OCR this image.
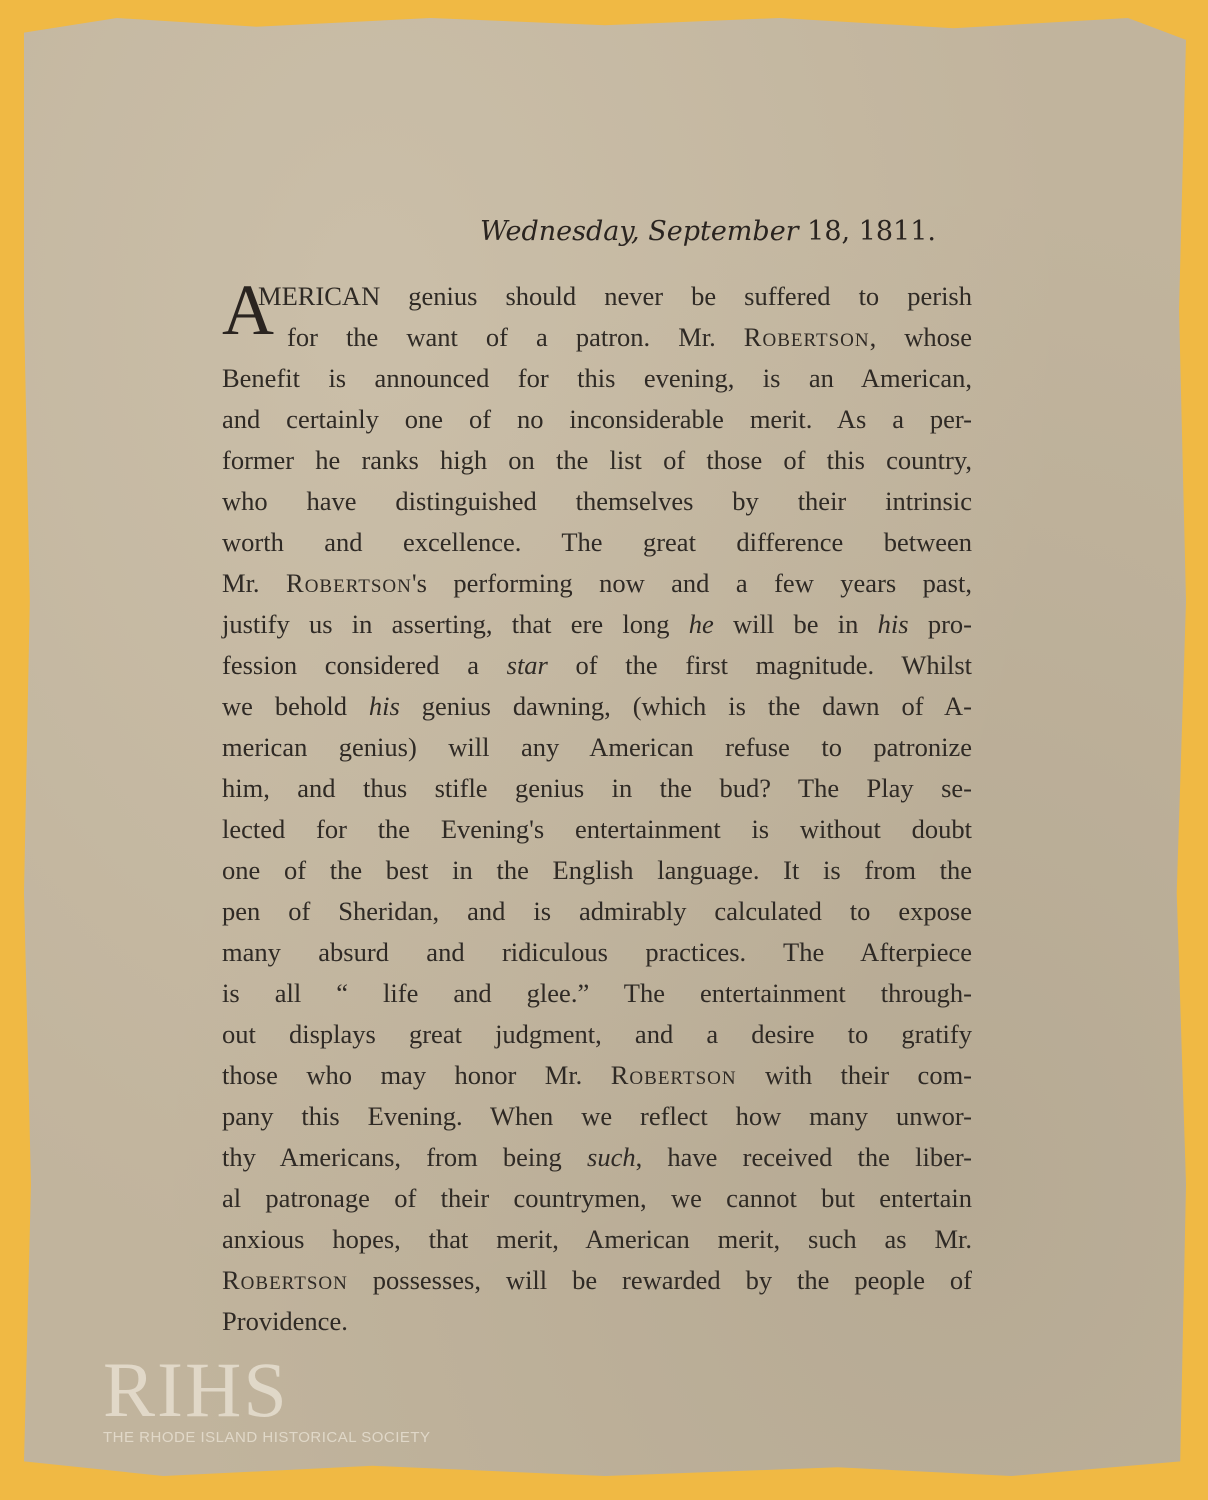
Wednesday, September 18, 1811.
A
MERICAN genius should never be suffered to perish
for the want of a patron. Mr. Robertson, whose
Benefit is announced for this evening, is an American,
and certainly one of no inconsiderable merit. As a per-
former he ranks high on the list of those of this country,
who have distinguished themselves by their intrinsic
worth and excellence. The great difference between
Mr. Robertson's performing now and a few years past,
justify us in asserting, that ere long he will be in his pro-
fession considered a star of the first magnitude. Whilst
we behold his genius dawning, (which is the dawn of A-
merican genius) will any American refuse to patronize
him, and thus stifle genius in the bud? The Play se-
lected for the Evening's entertainment is without doubt
one of the best in the English language. It is from the
pen of Sheridan, and is admirably calculated to expose
many absurd and ridiculous practices. The Afterpiece
is all “ life and glee.” The entertainment through-
out displays great judgment, and a desire to gratify
those who may honor Mr. Robertson with their com-
pany this Evening. When we reflect how many unwor-
thy Americans, from being such, have received the liber-
al patronage of their countrymen, we cannot but entertain
anxious hopes, that merit, American merit, such as Mr.
Robertson possesses, will be rewarded by the people of
Providence.
RIHS
THE RHODE ISLAND HISTORICAL SOCIETY
